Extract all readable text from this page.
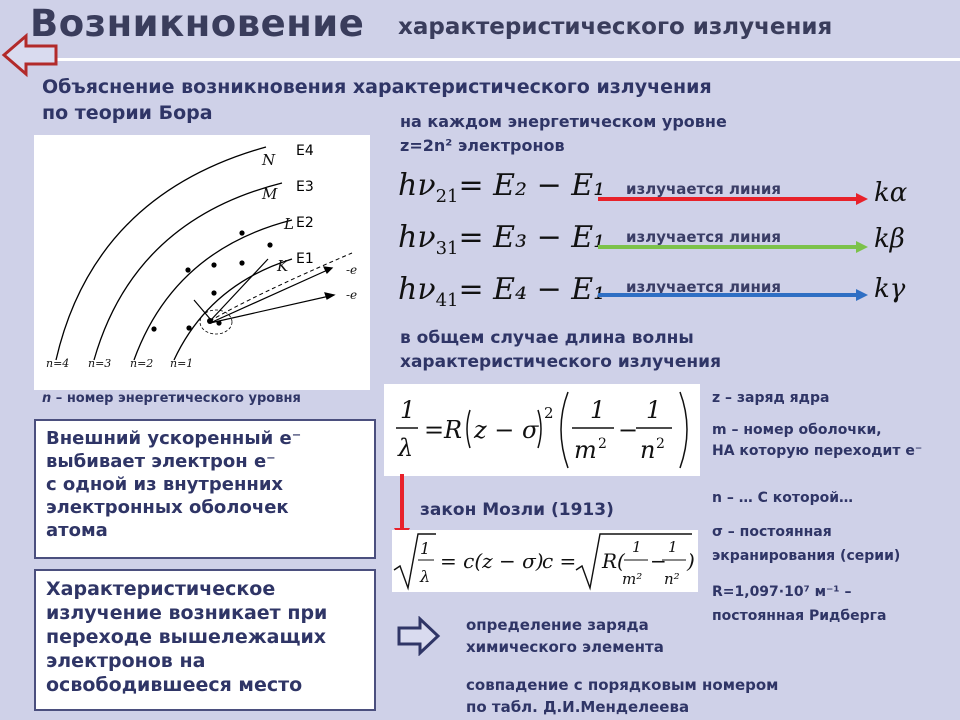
Возникновение характеристического излучения
Объяснение возникновения характеристического излучения
по теории Бора
N
M
L
K
E4
E3
E2
E1
-e
-e
n=4 n=3 n=2 n=1
n – номер энергетического уровня
на каждом энергетическом уровне
z=2n² электронов
$h\nu_{21}= E_2 - E_1$ излучается линия	kα
$h\nu_{31}= E_3 - E_1$ излучается линия	kβ
$h\nu_{41}= E_4 - E_1$ излучается линия	kγ
в общем случае длина волны
характеристического излучения
1
λ
= R z − σ
2 1
m 2 −
1
n 2
z – заряд ядра
m – номер оболочки,
НА которую переходит e⁻
n – … С которой…
σ – постоянная
экранирования (серии)
R=1,097·10⁷ м⁻¹ –
постоянная Ридберга
закон Мозли (1913)
1
λ
= c(z − σ)
c = R(
1
m²
−
1
n²
)
Внешний ускоренный e⁻
выбивает электрон е⁻
с одной из внутренних
электронных оболочек
атома
Характеристическое
излучение возникает при
переходе вышележащих
электронов на
освободившееся место
определение заряда
химического элемента
совпадение с порядковым номером
по табл. Д.И.Менделеева
